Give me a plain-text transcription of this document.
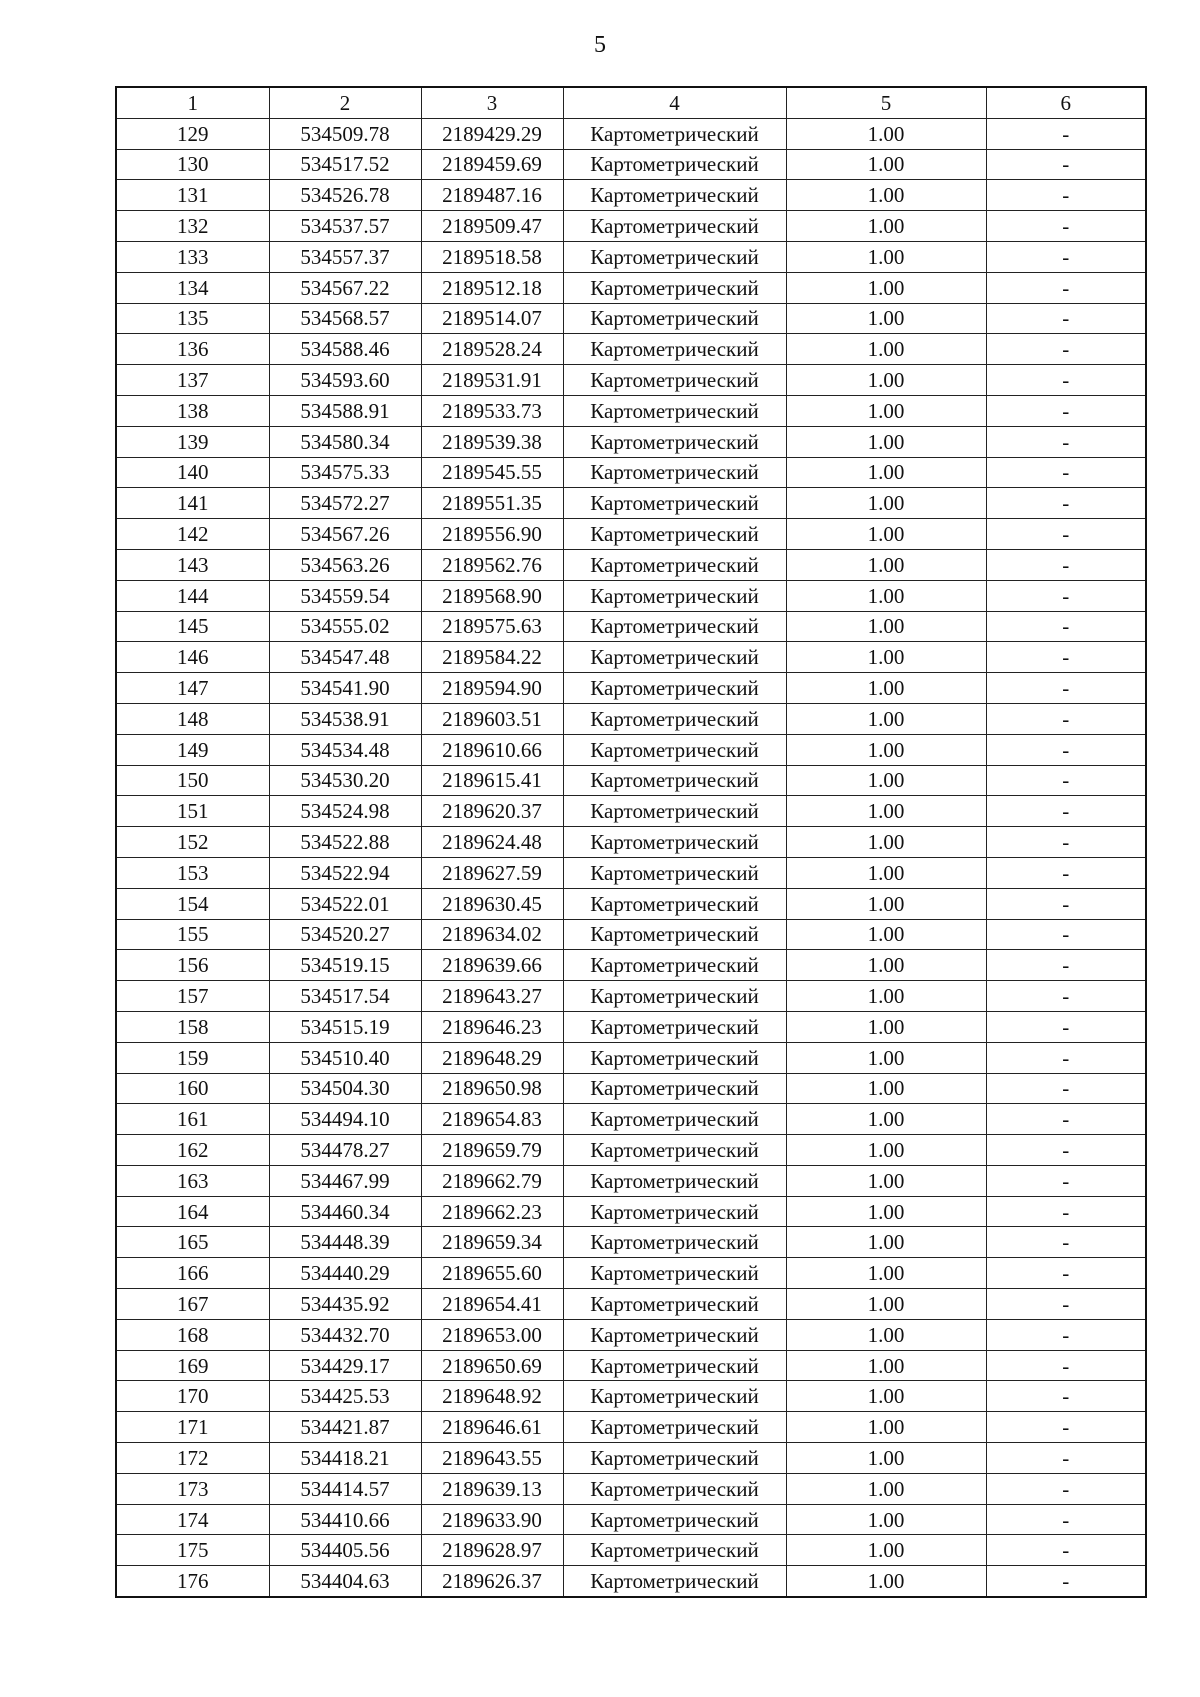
5
1	2	3	4	5	6
129	534509.78	2189429.29	Картометрический	1.00	-
130	534517.52	2189459.69	Картометрический	1.00	-
131	534526.78	2189487.16	Картометрический	1.00	-
132	534537.57	2189509.47	Картометрический	1.00	-
133	534557.37	2189518.58	Картометрический	1.00	-
134	534567.22	2189512.18	Картометрический	1.00	-
135	534568.57	2189514.07	Картометрический	1.00	-
136	534588.46	2189528.24	Картометрический	1.00	-
137	534593.60	2189531.91	Картометрический	1.00	-
138	534588.91	2189533.73	Картометрический	1.00	-
139	534580.34	2189539.38	Картометрический	1.00	-
140	534575.33	2189545.55	Картометрический	1.00	-
141	534572.27	2189551.35	Картометрический	1.00	-
142	534567.26	2189556.90	Картометрический	1.00	-
143	534563.26	2189562.76	Картометрический	1.00	-
144	534559.54	2189568.90	Картометрический	1.00	-
145	534555.02	2189575.63	Картометрический	1.00	-
146	534547.48	2189584.22	Картометрический	1.00	-
147	534541.90	2189594.90	Картометрический	1.00	-
148	534538.91	2189603.51	Картометрический	1.00	-
149	534534.48	2189610.66	Картометрический	1.00	-
150	534530.20	2189615.41	Картометрический	1.00	-
151	534524.98	2189620.37	Картометрический	1.00	-
152	534522.88	2189624.48	Картометрический	1.00	-
153	534522.94	2189627.59	Картометрический	1.00	-
154	534522.01	2189630.45	Картометрический	1.00	-
155	534520.27	2189634.02	Картометрический	1.00	-
156	534519.15	2189639.66	Картометрический	1.00	-
157	534517.54	2189643.27	Картометрический	1.00	-
158	534515.19	2189646.23	Картометрический	1.00	-
159	534510.40	2189648.29	Картометрический	1.00	-
160	534504.30	2189650.98	Картометрический	1.00	-
161	534494.10	2189654.83	Картометрический	1.00	-
162	534478.27	2189659.79	Картометрический	1.00	-
163	534467.99	2189662.79	Картометрический	1.00	-
164	534460.34	2189662.23	Картометрический	1.00	-
165	534448.39	2189659.34	Картометрический	1.00	-
166	534440.29	2189655.60	Картометрический	1.00	-
167	534435.92	2189654.41	Картометрический	1.00	-
168	534432.70	2189653.00	Картометрический	1.00	-
169	534429.17	2189650.69	Картометрический	1.00	-
170	534425.53	2189648.92	Картометрический	1.00	-
171	534421.87	2189646.61	Картометрический	1.00	-
172	534418.21	2189643.55	Картометрический	1.00	-
173	534414.57	2189639.13	Картометрический	1.00	-
174	534410.66	2189633.90	Картометрический	1.00	-
175	534405.56	2189628.97	Картометрический	1.00	-
176	534404.63	2189626.37	Картометрический	1.00	-
